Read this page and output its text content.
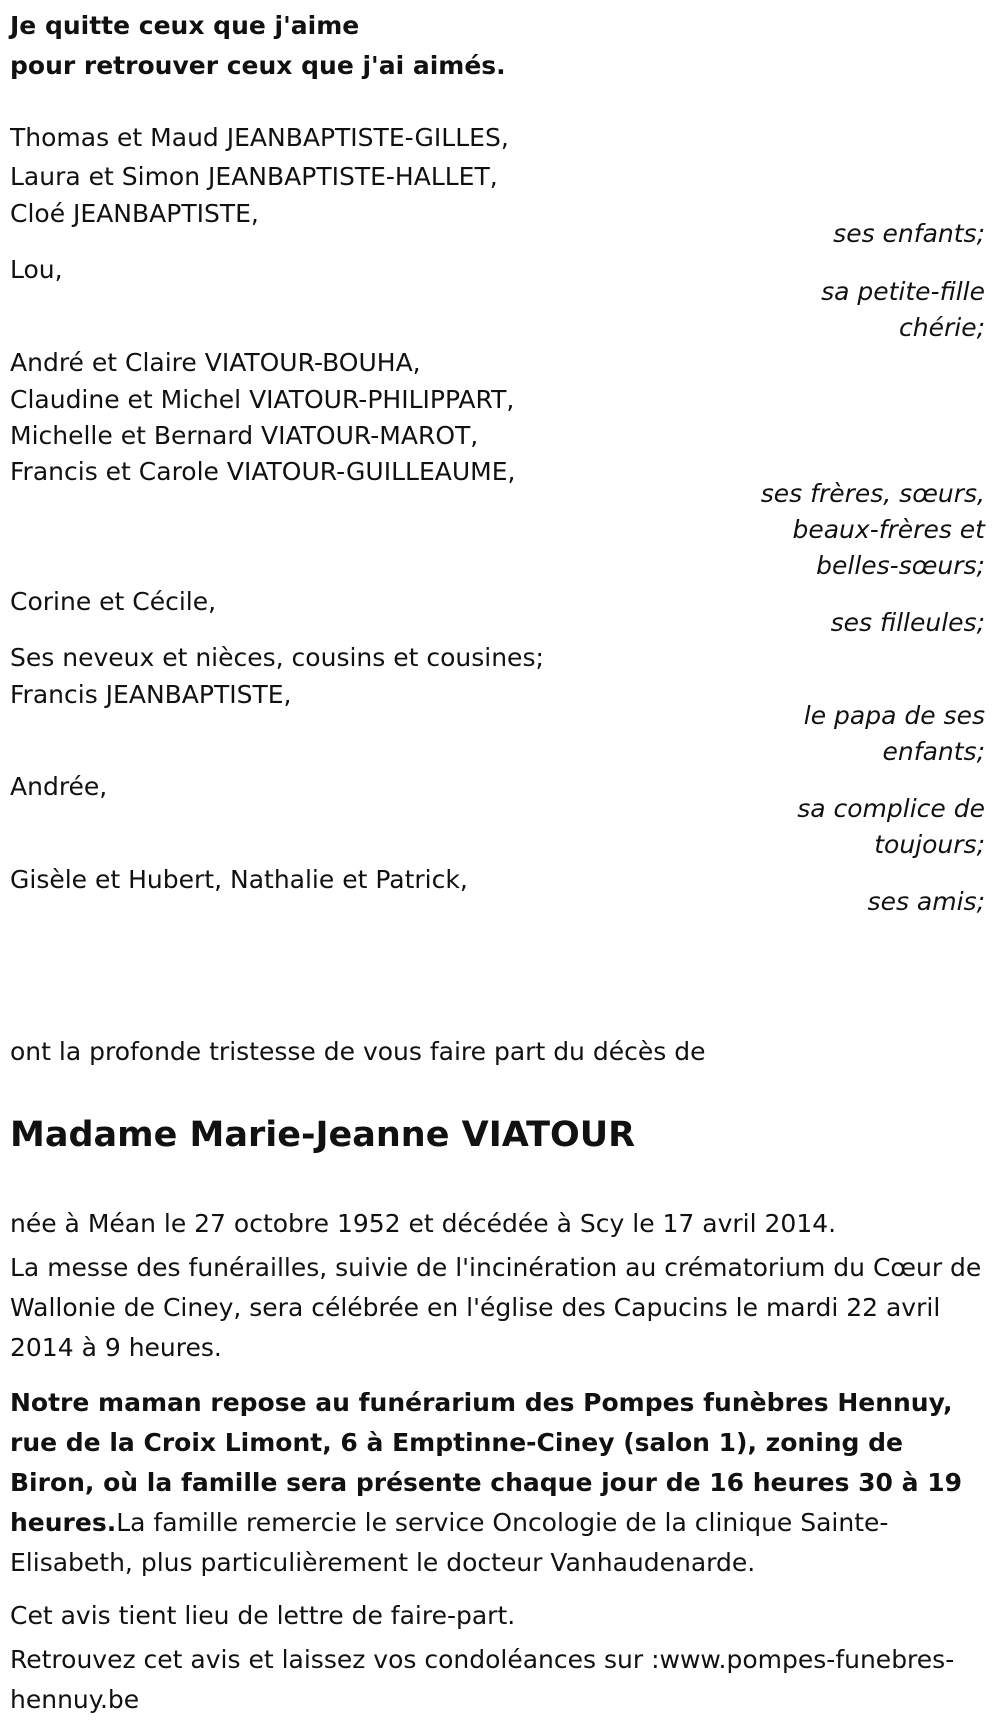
Je quitte ceux que j'aime
pour retrouver ceux que j'ai aimés.
Thomas et Maud JEANBAPTISTE-GILLES,
Laura et Simon JEANBAPTISTE-HALLET,
Cloé JEANBAPTISTE,
ses enfants;
Lou,
sa petite-fille
chérie;
André et Claire VIATOUR-BOUHA,
Claudine et Michel VIATOUR-PHILIPPART,
Michelle et Bernard VIATOUR-MAROT,
Francis et Carole VIATOUR-GUILLEAUME,
ses frères, sœurs,
beaux-frères et
belles-sœurs;
Corine et Cécile,
ses filleules;
Ses neveux et nièces, cousins et cousines;
Francis JEANBAPTISTE,
le papa de ses
enfants;
Andrée,
sa complice de
toujours;
Gisèle et Hubert, Nathalie et Patrick,
ses amis;
ont la profonde tristesse de vous faire part du décès de
Madame Marie-Jeanne VIATOUR
née à Méan le 27 octobre 1952 et décédée à Scy le 17 avril 2014.
La messe des funérailles, suivie de l'incinération au crématorium du Cœur de Wallonie de Ciney, sera célébrée en l'église des Capucins le mardi 22 avril 2014 à 9 heures.
Notre maman repose au funérarium des Pompes funèbres Hennuy, rue de la Croix Limont, 6 à Emptinne-Ciney (salon 1), zoning de Biron, où la famille sera présente chaque jour de 16 heures 30 à 19 heures.La famille remercie le service Oncologie de la clinique Sainte-Elisabeth, plus particulièrement le docteur Vanhaudenarde.
Cet avis tient lieu de lettre de faire-part.
Retrouvez cet avis et laissez vos condoléances sur :www.pompes-funebres-hennuy.be
